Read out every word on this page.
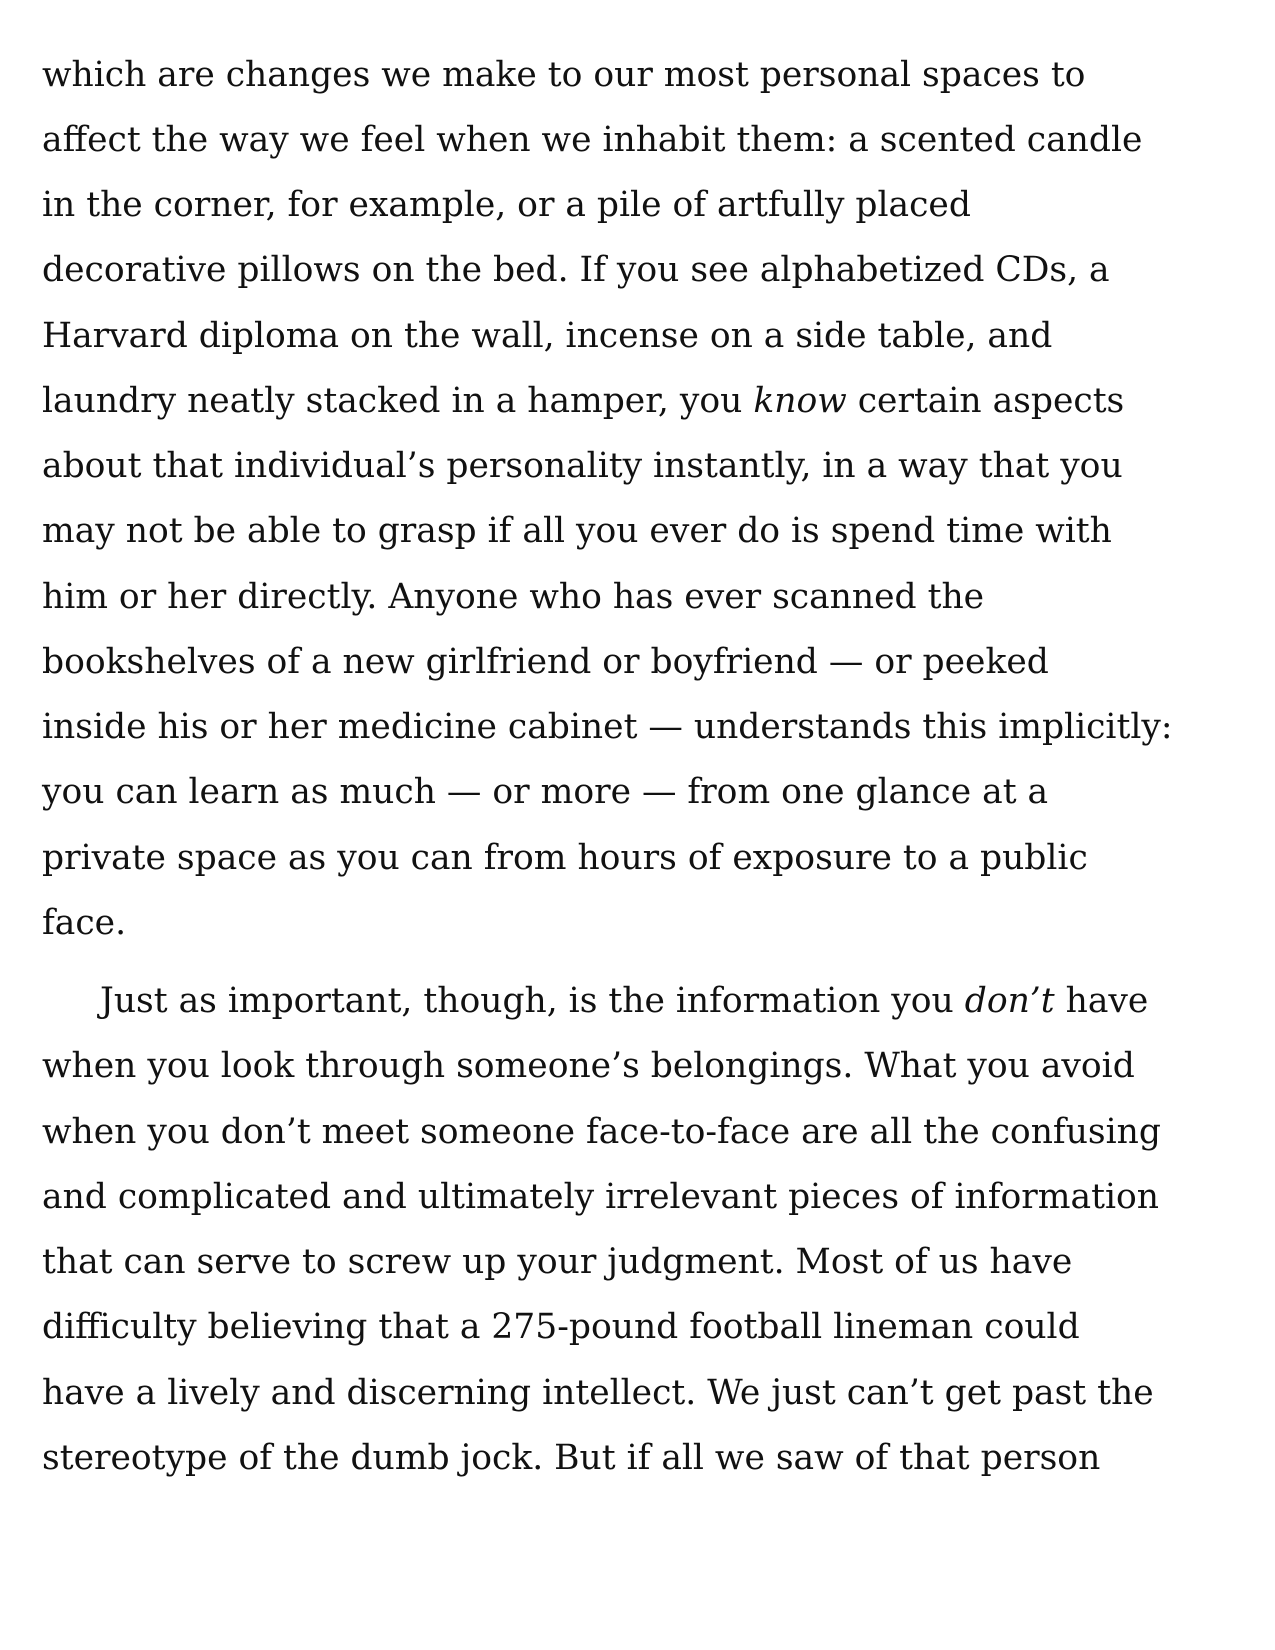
which are changes we make to our most personal spaces to
affect the way we feel when we inhabit them: a scented candle
in the corner, for example, or a pile of artfully placed
decorative pillows on the bed. If you see alphabetized CDs, a
Harvard diploma on the wall, incense on a side table, and
laundry neatly stacked in a hamper, you know certain aspects
about that individual’s personality instantly, in a way that you
may not be able to grasp if all you ever do is spend time with
him or her directly. Anyone who has ever scanned the
bookshelves of a new girlfriend or boyfriend — or peeked
inside his or her medicine cabinet — understands this implicitly:
you can learn as much — or more — from one glance at a
private space as you can from hours of exposure to a public
face.
Just as important, though, is the information you don’t have
when you look through someone’s belongings. What you avoid
when you don’t meet someone face-to-face are all the confusing
and complicated and ultimately irrelevant pieces of information
that can serve to screw up your judgment. Most of us have
difficulty believing that a 275-pound football lineman could
have a lively and discerning intellect. We just can’t get past the
stereotype of the dumb jock. But if all we saw of that person
